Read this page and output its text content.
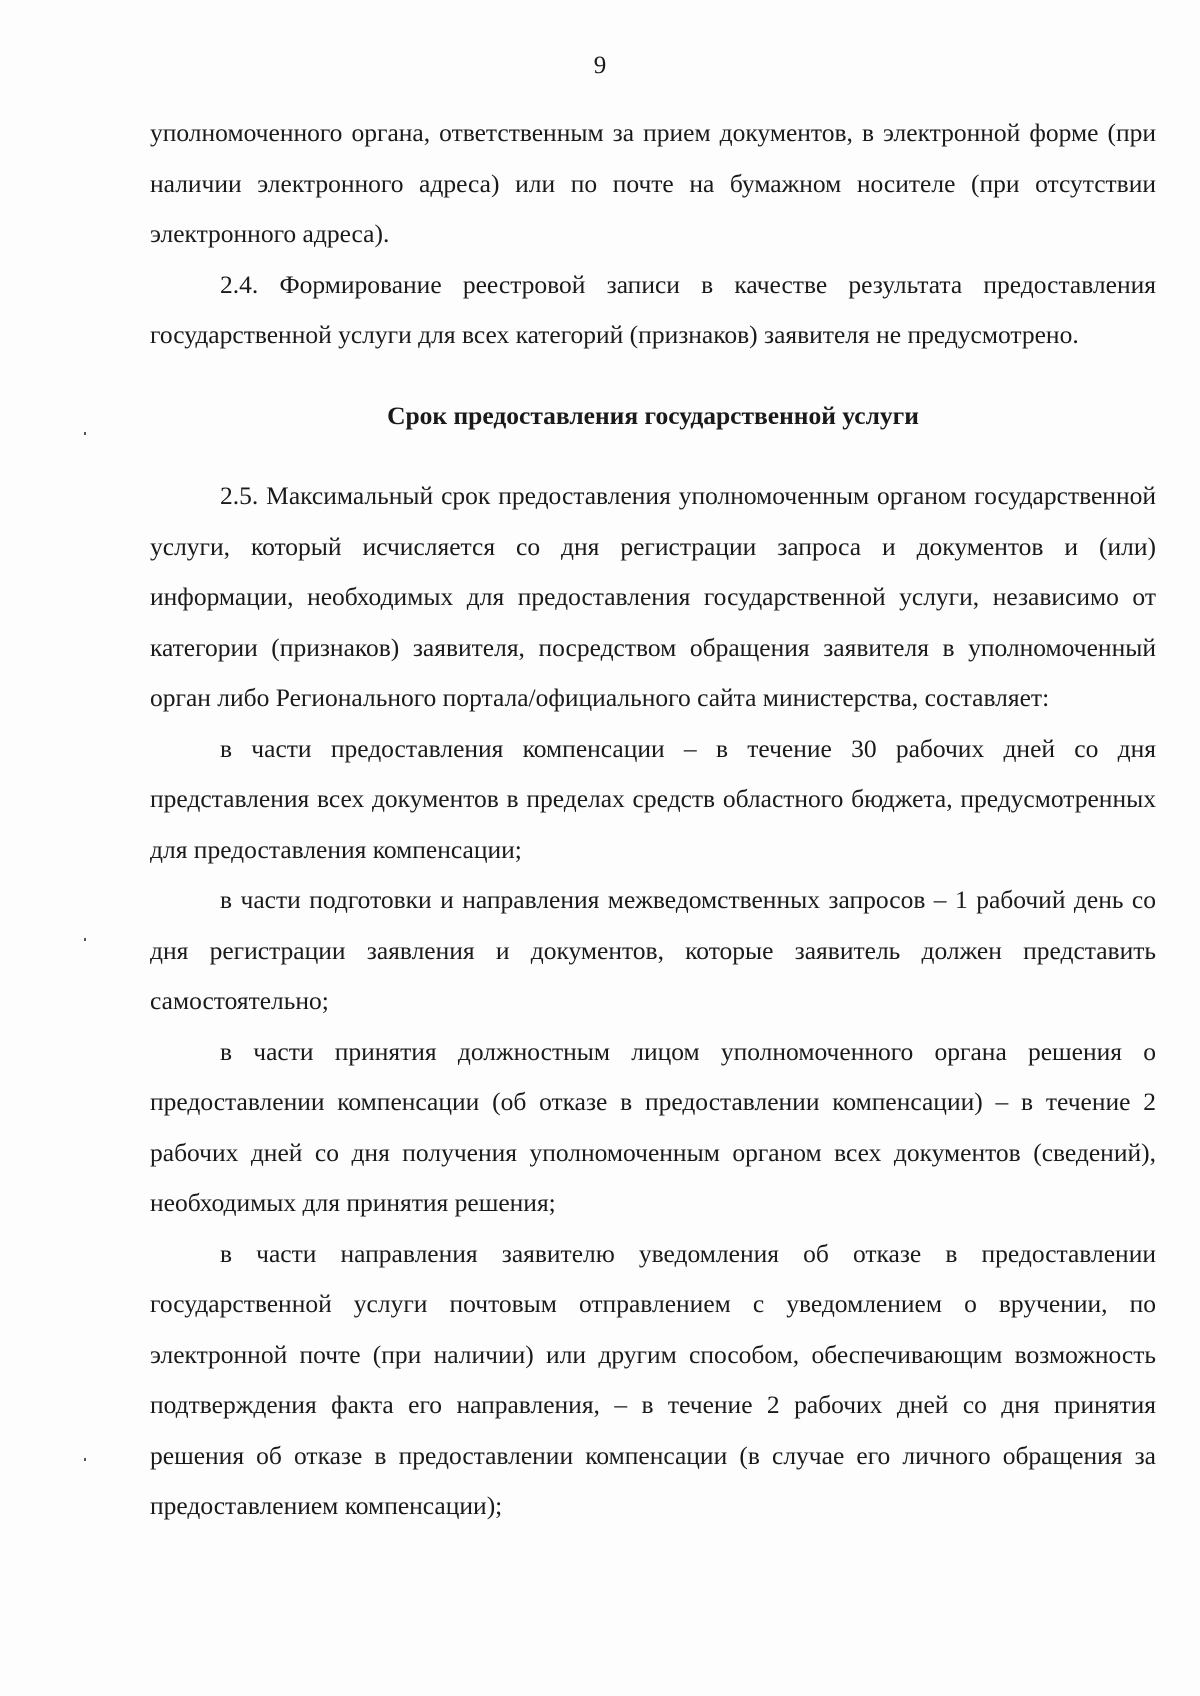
9

уполномоченного органа, ответственным за прием документов, в электронной форме (при наличии электронного адреса) или по почте на бумажном носителе (при отсутствии электронного адреса).

2.4. Формирование реестровой записи в качестве результата предоставления государственной услуги для всех категорий (признаков) заявителя не предусмотрено.

Срок предоставления государственной услуги

2.5. Максимальный срок предоставления уполномоченным органом государственной услуги, который исчисляется со дня регистрации запроса и документов и (или) информации, необходимых для предоставления государственной услуги, независимо от категории (признаков) заявителя, посредством обращения заявителя в уполномоченный орган либо Регионального портала/официального сайта министерства, составляет:

в части предоставления компенсации – в течение 30 рабочих дней со дня представления всех документов в пределах средств областного бюджета, предусмотренных для предоставления компенсации;

в части подготовки и направления межведомственных запросов – 1 рабочий день со дня регистрации заявления и документов, которые заявитель должен представить самостоятельно;

в части принятия должностным лицом уполномоченного органа решения о предоставлении компенсации (об отказе в предоставлении компенсации) – в течение 2 рабочих дней со дня получения уполномоченным органом всех документов (сведений), необходимых для принятия решения;

в части направления заявителю уведомления об отказе в предоставлении государственной услуги почтовым отправлением с уведомлением о вручении, по электронной почте (при наличии) или другим способом, обеспечивающим возможность подтверждения факта его направления, – в течение 2 рабочих дней со дня принятия решения об отказе в предоставлении компенсации (в случае его личного обращения за предоставлением компенсации);
